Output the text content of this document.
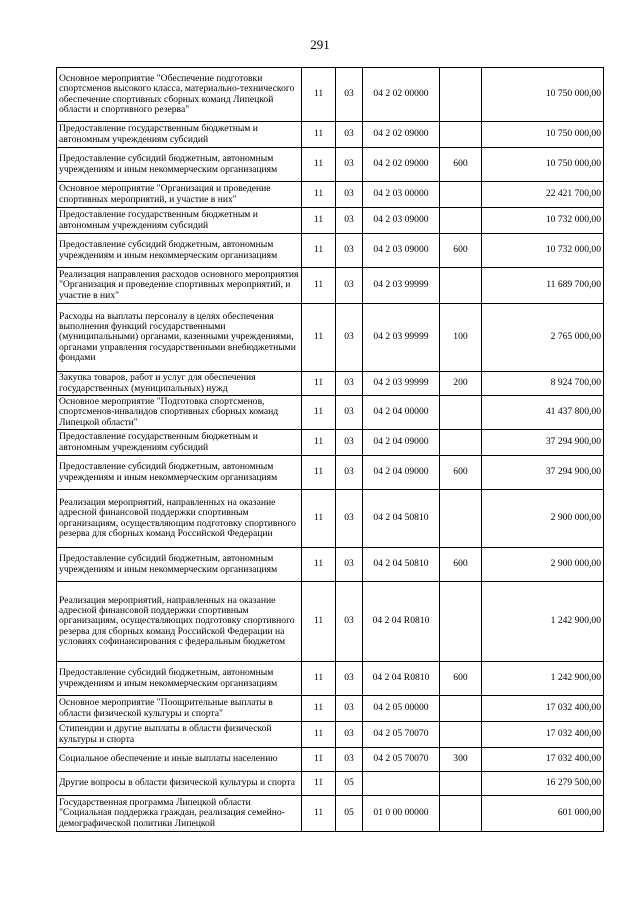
291
Основное мероприятие "Обеспечение подготовки спортсменов высокого класса, материально-технического обеспечение спортивных сборных команд Липецкой области и спортивного резерва"	11	03	04 2 02 00000		10 750 000,00
Предоставление государственным бюджетным и автономным учреждениям субсидий	11	03	04 2 02 09000		10 750 000,00
Предоставление субсидий бюджетным, автономным учреждениям и иным некоммерческим организациям	11	03	04 2 02 09000	600	10 750 000,00
Основное мероприятие "Организация и проведение спортивных мероприятий, и участие в них"	11	03	04 2 03 00000		22 421 700,00
Предоставление государственным бюджетным и автономным учреждениям субсидий	11	03	04 2 03 09000		10 732 000,00
Предоставление субсидий бюджетным, автономным учреждениям и иным некоммерческим организациям	11	03	04 2 03 09000	600	10 732 000,00
Реализация направления расходов основного мероприятия "Организация и проведение спортивных мероприятий, и участие в них"	11	03	04 2 03 99999		11 689 700,00
Расходы на выплаты персоналу в целях обеспечения выполнения функций государственными (муниципальными) органами, казенными учреждениями, органами управления государственными внебюджетными фондами	11	03	04 2 03 99999	100	2 765 000,00
Закупка товаров, работ и услуг для обеспечения государственных (муниципальных) нужд	11	03	04 2 03 99999	200	8 924 700,00
Основное мероприятие "Подготовка спортсменов, спортсменов-инвалидов спортивных сборных команд Липецкой области"	11	03	04 2 04 00000		41 437 800,00
Предоставление государственным бюджетным и автономным учреждениям субсидий	11	03	04 2 04 09000		37 294 900,00
Предоставление субсидий бюджетным, автономным учреждениям и иным некоммерческим организациям	11	03	04 2 04 09000	600	37 294 900,00
Реализация мероприятий, направленных на оказание адресной финансовой поддержки спортивным организациям, осуществляющим подготовку спортивного резерва для сборных команд Российской Федерации	11	03	04 2 04 50810		2 900 000,00
Предоставление субсидий бюджетным, автономным учреждениям и иным некоммерческим организациям	11	03	04 2 04 50810	600	2 900 000,00
Реализация мероприятий, направленных на оказание адресной финансовой поддержки спортивным организациям, осуществляющих подготовку спортивного резерва для сборных команд Российской Федерации на условиях софинансирования с федеральным бюджетом	11	03	04 2 04 R0810		1 242 900,00
Предоставление субсидий бюджетным, автономным учреждениям и иным некоммерческим организациям	11	03	04 2 04 R0810	600	1 242 900,00
Основное мероприятие "Поощрительные выплаты в области физической культуры и спорта"	11	03	04 2 05 00000		17 032 400,00
Стипендии и другие выплаты в области физической культуры и спорта	11	03	04 2 05 70070		17 032 400,00
Социальное обеспечение и иные выплаты населению	11	03	04 2 05 70070	300	17 032 400,00
Другие вопросы в области физической культуры и спорта	11	05			16 279 500,00
Государственная программа Липецкой области "Социальная поддержка граждан, реализация семейно-демографической политики Липецкой	11	05	01 0 00 00000		601 000,00
